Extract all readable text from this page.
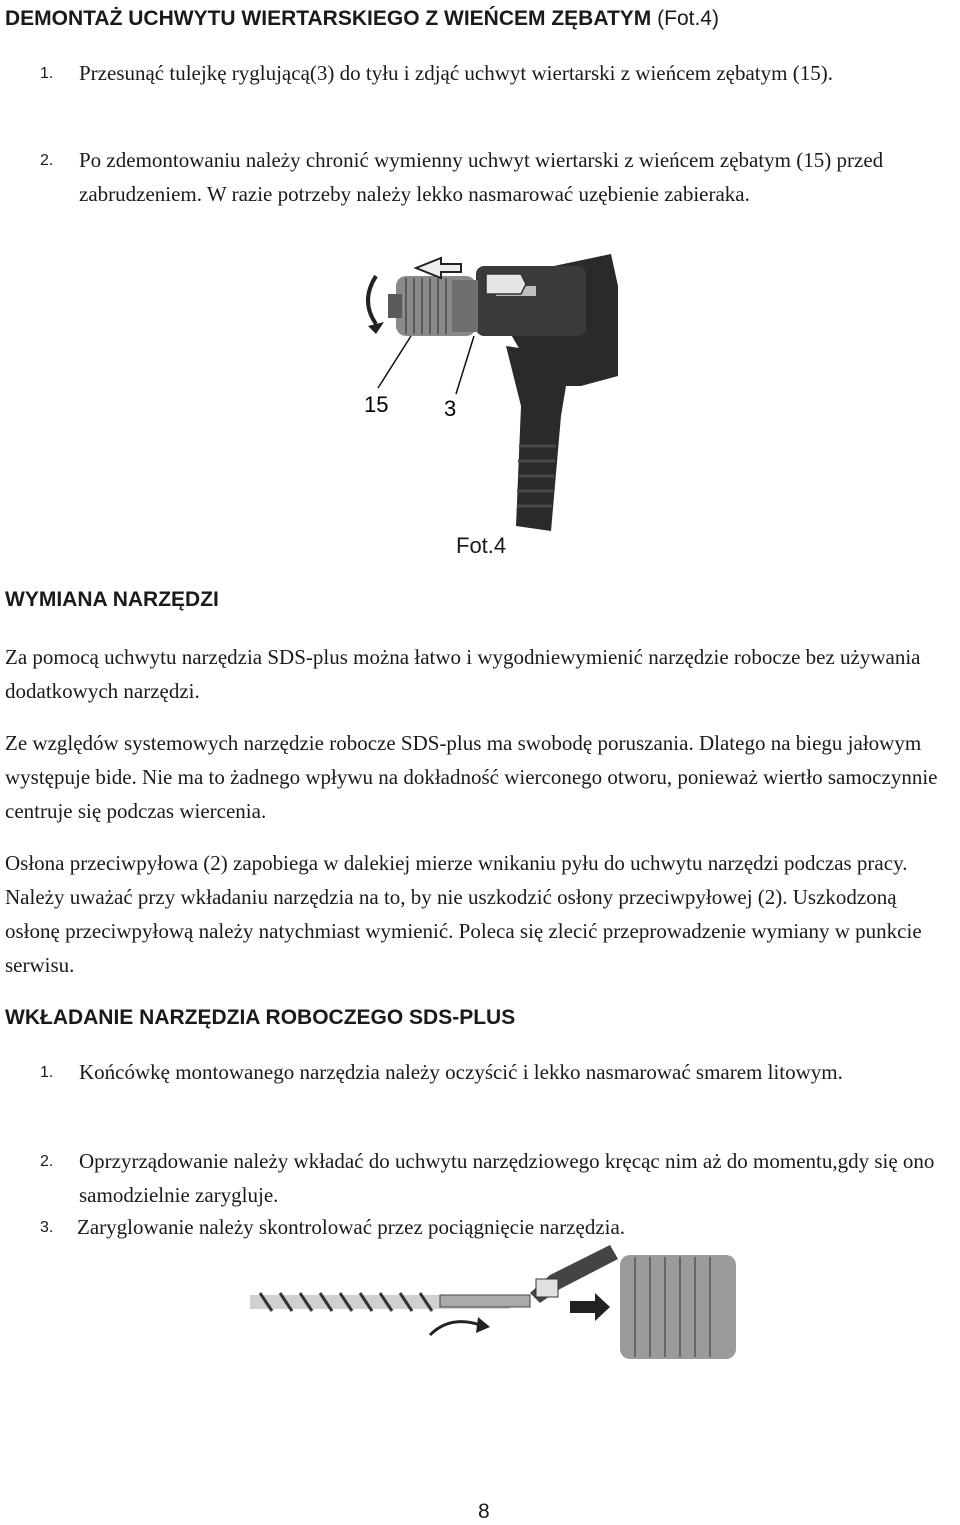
DEMONTAŻ UCHWYTU WIERTARSKIEGO Z WIEŃCEM ZĘBATYM (Fot.4)
1. Przesunąć tulejkę ryglującą(3) do tyłu i zdjąć uchwyt wiertarski z wieńcem zębatym (15).

2. Po zdemontowaniu należy chronić wymienny uchwyt wiertarski z wieńcem zębatym (15) przed zabrudzeniem. W razie potrzeby należy lekko nasmarować uzębienie zabieraka.

15	3
Fot.4
WYMIANA NARZĘDZI

Za pomocą uchwytu narzędzia SDS-plus można łatwo i wygodniewymienić narzędzie robocze bez używania dodatkowych narzędzi.

Ze względów systemowych narzędzie robocze SDS-plus ma swobodę poruszania. Dlatego na biegu jałowym występuje bide. Nie ma to żadnego wpływu na dokładność wierconego otworu, ponieważ wiertło samoczynnie centruje się podczas wiercenia.

Osłona przeciwpyłowa (2) zapobiega w dalekiej mierze wnikaniu pyłu do uchwytu narzędzi podczas pracy. Należy uważać przy wkładaniu narzędzia na to, by nie uszkodzić osłony przeciwpyłowej (2). Uszkodzoną osłonę przeciwpyłową należy natychmiast wymienić. Poleca się zlecić przeprowadzenie wymiany w punkcie serwisu.

WKŁADANIE NARZĘDZIA ROBOCZEGO SDS-PLUS
1. Końcówkę montowanego narzędzia należy oczyścić i lekko nasmarować smarem litowym.

2. Oprzyrządowanie należy wkładać do uchwytu narzędziowego kręcąc nim aż do momentu,gdy się ono samodzielnie zarygluje.

3. Zaryglowanie należy skontrolować przez pociągnięcie narzędzia.

8
